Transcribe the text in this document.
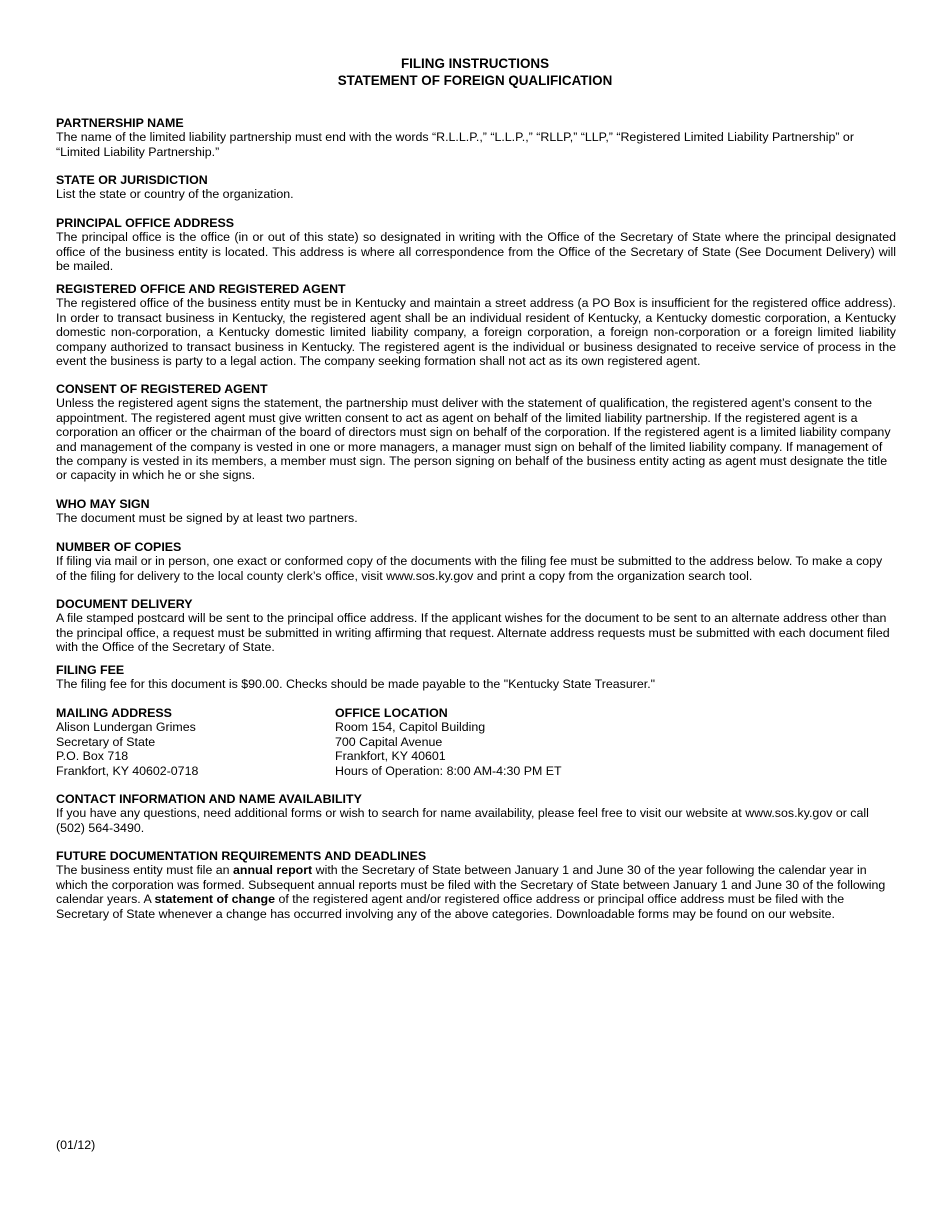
FILING INSTRUCTIONS
STATEMENT OF FOREIGN QUALIFICATION
PARTNERSHIP NAME
The name of the limited liability partnership must end with the words “R.L.L.P.,” “L.L.P.,” “RLLP,” “LLP,” “Registered Limited Liability Partnership” or “Limited Liability Partnership.”
STATE OR JURISDICTION
List the state or country of the organization.
PRINCIPAL OFFICE ADDRESS
The principal office is the office (in or out of this state) so designated in writing with the Office of the Secretary of State where the principal designated office of the business entity is located. This address is where all correspondence from the Office of the Secretary of State (See Document Delivery) will be mailed.
REGISTERED OFFICE AND REGISTERED AGENT
The registered office of the business entity must be in Kentucky and maintain a street address (a PO Box is insufficient for the registered office address). In order to transact business in Kentucky, the registered agent shall be an individual resident of Kentucky, a Kentucky domestic corporation, a Kentucky domestic non-corporation, a Kentucky domestic limited liability company, a foreign corporation, a foreign non-corporation or a foreign limited liability company authorized to transact business in Kentucky. The registered agent is the individual or business designated to receive service of process in the event the business is party to a legal action. The company seeking formation shall not act as its own registered agent.
CONSENT OF REGISTERED AGENT
Unless the registered agent signs the statement, the partnership must deliver with the statement of qualification, the registered agent’s consent to the appointment. The registered agent must give written consent to act as agent on behalf of the limited liability partnership. If the registered agent is a corporation an officer or the chairman of the board of directors must sign on behalf of the corporation. If the registered agent is a limited liability company and management of the company is vested in one or more managers, a manager must sign on behalf of the limited liability company. If management of the company is vested in its members, a member must sign. The person signing on behalf of the business entity acting as agent must designate the title or capacity in which he or she signs.
WHO MAY SIGN
The document must be signed by at least two partners.
NUMBER OF COPIES
If filing via mail or in person, one exact or conformed copy of the documents with the filing fee must be submitted to the address below. To make a copy of the filing for delivery to the local county clerk’s office, visit www.sos.ky.gov and print a copy from the organization search tool.
DOCUMENT DELIVERY
A file stamped postcard will be sent to the principal office address. If the applicant wishes for the document to be sent to an alternate address other than the principal office, a request must be submitted in writing affirming that request. Alternate address requests must be submitted with each document filed with the Office of the Secretary of State.
FILING FEE
The filing fee for this document is $90.00. Checks should be made payable to the "Kentucky State Treasurer."
MAILING ADDRESS
Alison Lundergan Grimes
Secretary of State
P.O. Box 718
Frankfort, KY 40602-0718
OFFICE LOCATION
Room 154, Capitol Building
700 Capital Avenue
Frankfort, KY 40601
Hours of Operation: 8:00 AM-4:30 PM ET
CONTACT INFORMATION AND NAME AVAILABILITY
If you have any questions, need additional forms or wish to search for name availability, please feel free to visit our website at www.sos.ky.gov or call (502) 564-3490.
FUTURE DOCUMENTATION REQUIREMENTS AND DEADLINES
The business entity must file an annual report with the Secretary of State between January 1 and June 30 of the year following the calendar year in which the corporation was formed. Subsequent annual reports must be filed with the Secretary of State between January 1 and June 30 of the following calendar years. A statement of change of the registered agent and/or registered office address or principal office address must be filed with the Secretary of State whenever a change has occurred involving any of the above categories. Downloadable forms may be found on our website.
(01/12)
